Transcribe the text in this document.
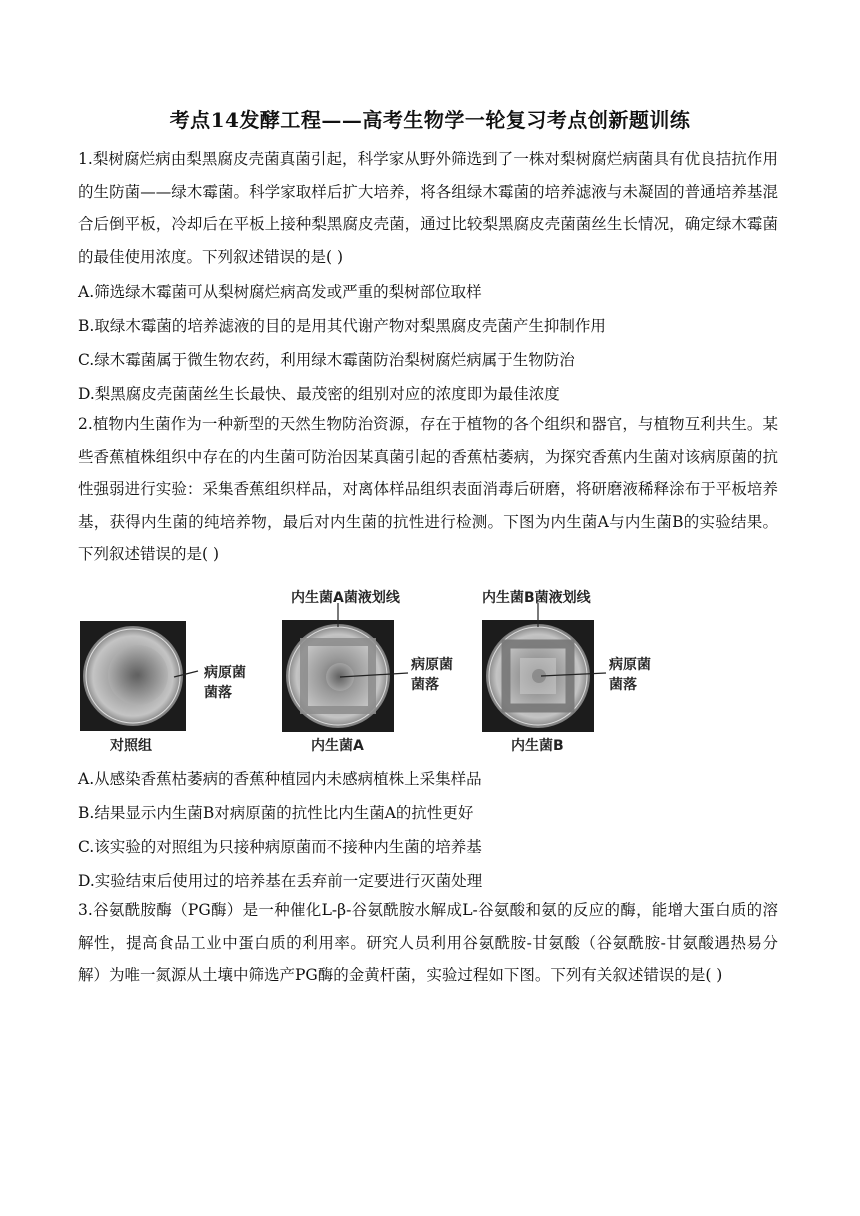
考点14发酵工程——高考生物学一轮复习考点创新题训练

1.梨树腐烂病由梨黑腐皮壳菌真菌引起，科学家从野外筛选到了一株对梨树腐烂病菌具有优良拮抗作用的生防菌——绿木霉菌。科学家取样后扩大培养，将各组绿木霉菌的培养滤液与未凝固的普通培养基混合后倒平板，冷却后在平板上接种梨黑腐皮壳菌，通过比较梨黑腐皮壳菌菌丝生长情况，确定绿木霉菌的最佳使用浓度。下列叙述错误的是( )

A.筛选绿木霉菌可从梨树腐烂病高发或严重的梨树部位取样

B.取绿木霉菌的培养滤液的目的是用其代谢产物对梨黑腐皮壳菌产生抑制作用

C.绿木霉菌属于微生物农药，利用绿木霉菌防治梨树腐烂病属于生物防治

D.梨黑腐皮壳菌菌丝生长最快、最茂密的组别对应的浓度即为最佳浓度

2.植物内生菌作为一种新型的天然生物防治资源，存在于植物的各个组织和器官，与植物互利共生。某些香蕉植株组织中存在的内生菌可防治因某真菌引起的香蕉枯萎病，为探究香蕉内生菌对该病原菌的抗性强弱进行实验：采集香蕉组织样品，对离体样品组织表面消毒后研磨，将研磨液稀释涂布于平板培养基，获得内生菌的纯培养物，最后对内生菌的抗性进行检测。下图为内生菌A与内生菌B的实验结果。下列叙述错误的是( )

病原菌菌落
对照组
内生菌A菌液划线
病原菌菌落
内生菌A
内生菌B菌液划线
病原菌菌落
内生菌B

A.从感染香蕉枯萎病的香蕉种植园内未感病植株上采集样品

B.结果显示内生菌B对病原菌的抗性比内生菌A的抗性更好

C.该实验的对照组为只接种病原菌而不接种内生菌的培养基

D.实验结束后使用过的培养基在丢弃前一定要进行灭菌处理

3.谷氨酰胺酶（PG酶）是一种催化L-β-谷氨酰胺水解成L-谷氨酸和氨的反应的酶，能增大蛋白质的溶解性，提高食品工业中蛋白质的利用率。研究人员利用谷氨酰胺-甘氨酸（谷氨酰胺-甘氨酸遇热易分解）为唯一氮源从土壤中筛选产PG酶的金黄杆菌，实验过程如下图。下列有关叙述错误的是( )
